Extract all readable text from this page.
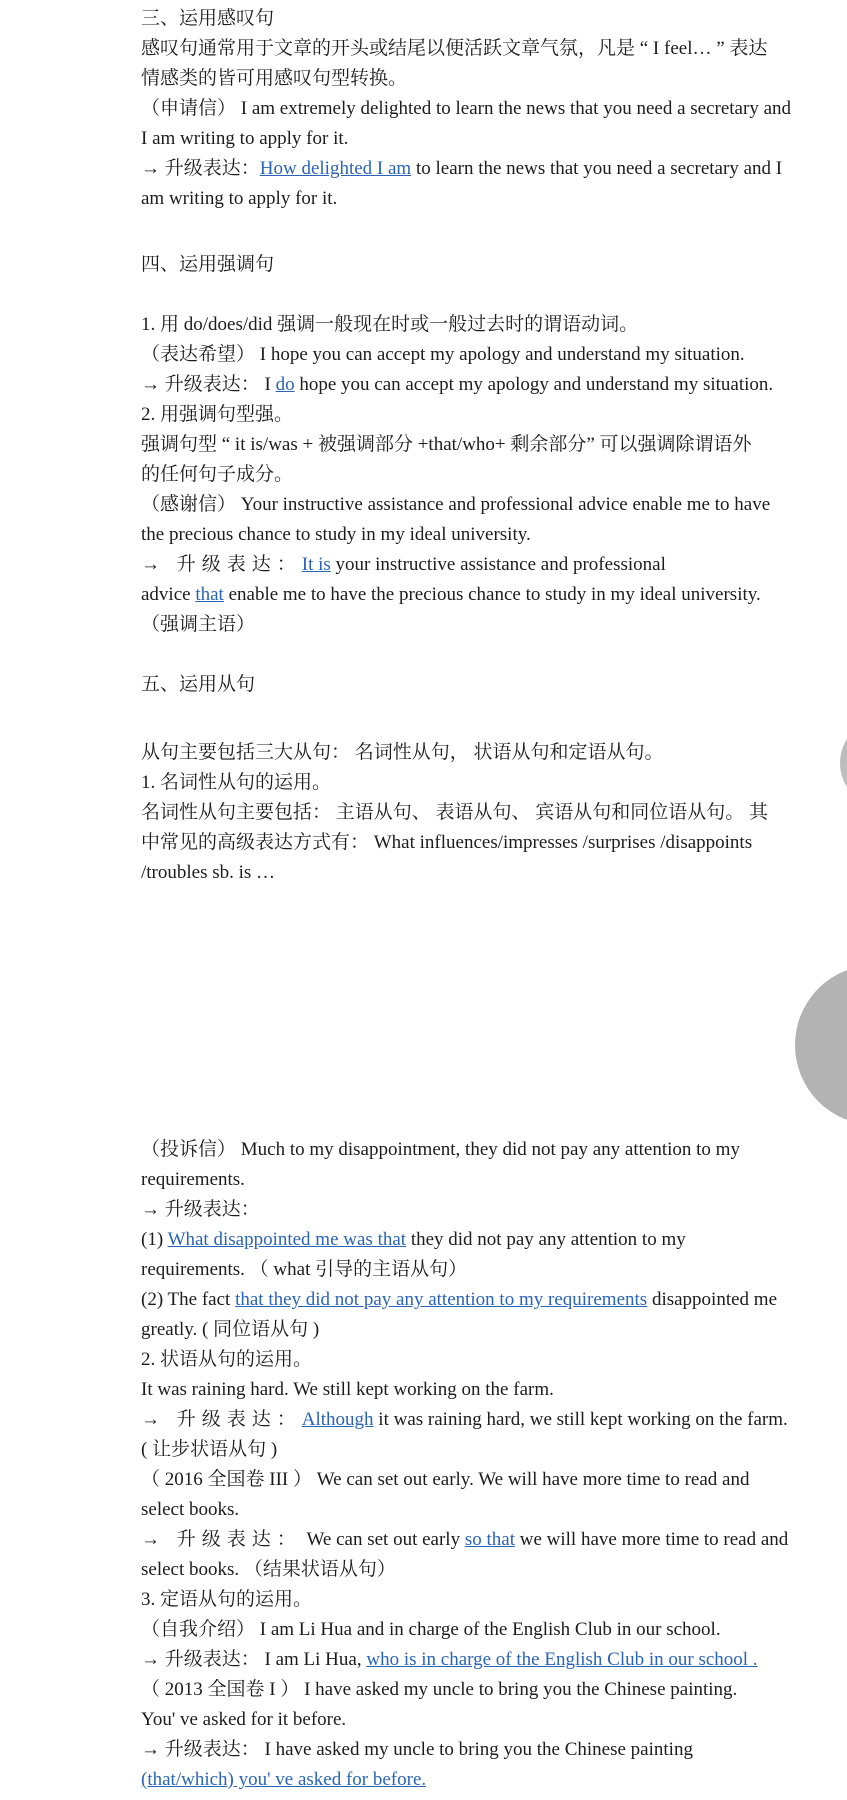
三、运用感叹句
感叹句通常用于文章的开头或结尾以便活跃文章气氛，凡是 “ I feel… ” 表达
情感类的皆可用感叹句型转换。
（申请信） I am extremely delighted to learn the news that you need a secretary and
I am writing to apply for it.
→ 升级表达：How delighted I am to learn the news that you need a secretary and I
am writing to apply for it.
四、运用强调句
1. 用 do/does/did 强调一般现在时或一般过去时的谓语动词。
（表达希望） I hope you can accept my apology and understand my situation.
→ 升级表达： I do hope you can accept my apology and understand my situation.
2. 用强调句型强。
强调句型 “ it is/was + 被强调部分 +that/who+ 剩余部分” 可以强调除谓语外
的任何句子成分。
（感谢信） Your instructive assistance and professional advice enable me to have
the precious chance to study in my ideal university.
→ 升级表达：It is your instructive assistance and professional
advice that enable me to have the precious chance to study in my ideal university.
（强调主语）
五、运用从句
从句主要包括三大从句： 名词性从句， 状语从句和定语从句。
1. 名词性从句的运用。
名词性从句主要包括： 主语从句、 表语从句、 宾语从句和同位语从句。 其
中常见的高级表达方式有： What influences/impresses /surprises /disappoints
/troubles sb. is …
（投诉信） Much to my disappointment, they did not pay any attention to my
requirements.
→ 升级表达：
(1) What disappointed me was that they did not pay any attention to my
requirements. （ what 引导的主语从句）
(2) The fact that they did not pay any attention to my requirements disappointed me
greatly. ( 同位语从句 )
2. 状语从句的运用。
It was raining hard. We still kept working on the farm.
→ 升级表达：Although it was raining hard, we still kept working on the farm.
( 让步状语从句 )
（ 2016 全国卷 III ） We can set out early. We will have more time to read and
select books.
→ 升级表达： We can set out early so that we will have more time to read and
select books. （结果状语从句）
3. 定语从句的运用。
（自我介绍） I am Li Hua and in charge of the English Club in our school.
→ 升级表达： I am Li Hua, who is in charge of the English Club in our school .
（ 2013 全国卷 I ） I have asked my uncle to bring you the Chinese painting.
You' ve asked for it before.
→ 升级表达： I have asked my uncle to bring you the Chinese painting
(that/which) you' ve asked for before.
